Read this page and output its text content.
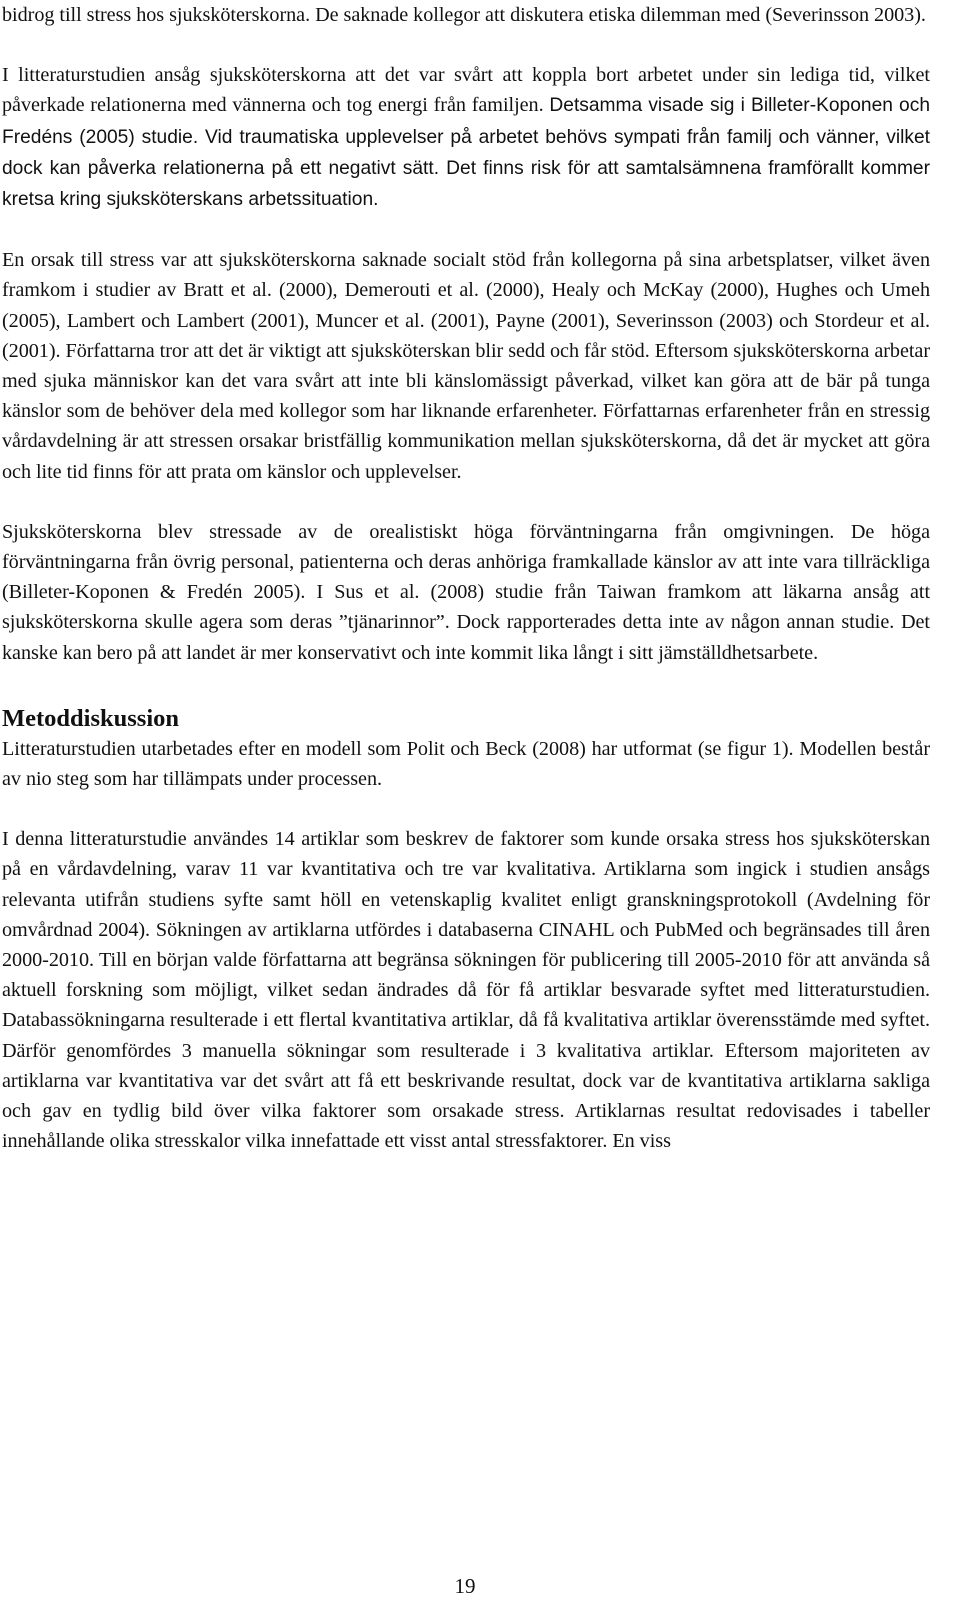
bidrog till stress hos sjuksköterskorna. De saknade kollegor att diskutera etiska dilemman med (Severinsson 2003).

I litteraturstudien ansåg sjuksköterskorna att det var svårt att koppla bort arbetet under sin lediga tid, vilket påverkade relationerna med vännerna och tog energi från familjen. Detsamma visade sig i Billeter-Koponen och Fredéns (2005) studie. Vid traumatiska upplevelser på arbetet behövs sympati från familj och vänner, vilket dock kan påverka relationerna på ett negativt sätt. Det finns risk för att samtalsämnena framförallt kommer kretsa kring sjuksköterskans arbetssituation.

En orsak till stress var att sjuksköterskorna saknade socialt stöd från kollegorna på sina arbetsplatser, vilket även framkom i studier av Bratt et al. (2000), Demerouti et al. (2000), Healy och McKay (2000), Hughes och Umeh (2005), Lambert och Lambert (2001), Muncer et al. (2001), Payne (2001), Severinsson (2003) och Stordeur et al. (2001). Författarna tror att det är viktigt att sjuksköterskan blir sedd och får stöd. Eftersom sjuksköterskorna arbetar med sjuka människor kan det vara svårt att inte bli känslomässigt påverkad, vilket kan göra att de bär på tunga känslor som de behöver dela med kollegor som har liknande erfarenheter. Författarnas erfarenheter från en stressig vårdavdelning är att stressen orsakar bristfällig kommunikation mellan sjuksköterskorna, då det är mycket att göra och lite tid finns för att prata om känslor och upplevelser.

Sjuksköterskorna blev stressade av de orealistiskt höga förväntningarna från omgivningen. De höga förväntningarna från övrig personal, patienterna och deras anhöriga framkallade känslor av att inte vara tillräckliga (Billeter-Koponen & Fredén 2005). I Sus et al. (2008) studie från Taiwan framkom att läkarna ansåg att sjuksköterskorna skulle agera som deras ”tjänarinnor”. Dock rapporterades detta inte av någon annan studie. Det kanske kan bero på att landet är mer konservativt och inte kommit lika långt i sitt jämställdhetsarbete.

Metoddiskussion

Litteraturstudien utarbetades efter en modell som Polit och Beck (2008) har utformat (se figur 1). Modellen består av nio steg som har tillämpats under processen.

I denna litteraturstudie användes 14 artiklar som beskrev de faktorer som kunde orsaka stress hos sjuksköterskan på en vårdavdelning, varav 11 var kvantitativa och tre var kvalitativa. Artiklarna som ingick i studien ansågs relevanta utifrån studiens syfte samt höll en vetenskaplig kvalitet enligt granskningsprotokoll (Avdelning för omvårdnad 2004). Sökningen av artiklarna utfördes i databaserna CINAHL och PubMed och begränsades till åren 2000-2010. Till en början valde författarna att begränsa sökningen för publicering till 2005-2010 för att använda så aktuell forskning som möjligt, vilket sedan ändrades då för få artiklar besvarade syftet med litteraturstudien. Databassökningarna resulterade i ett flertal kvantitativa artiklar, då få kvalitativa artiklar överensstämde med syftet. Därför genomfördes 3 manuella sökningar som resulterade i 3 kvalitativa artiklar. Eftersom majoriteten av artiklarna var kvantitativa var det svårt att få ett beskrivande resultat, dock var de kvantitativa artiklarna sakliga och gav en tydlig bild över vilka faktorer som orsakade stress. Artiklarnas resultat redovisades i tabeller innehållande olika stresskalor vilka innefattade ett visst antal stressfaktorer. En viss

19
